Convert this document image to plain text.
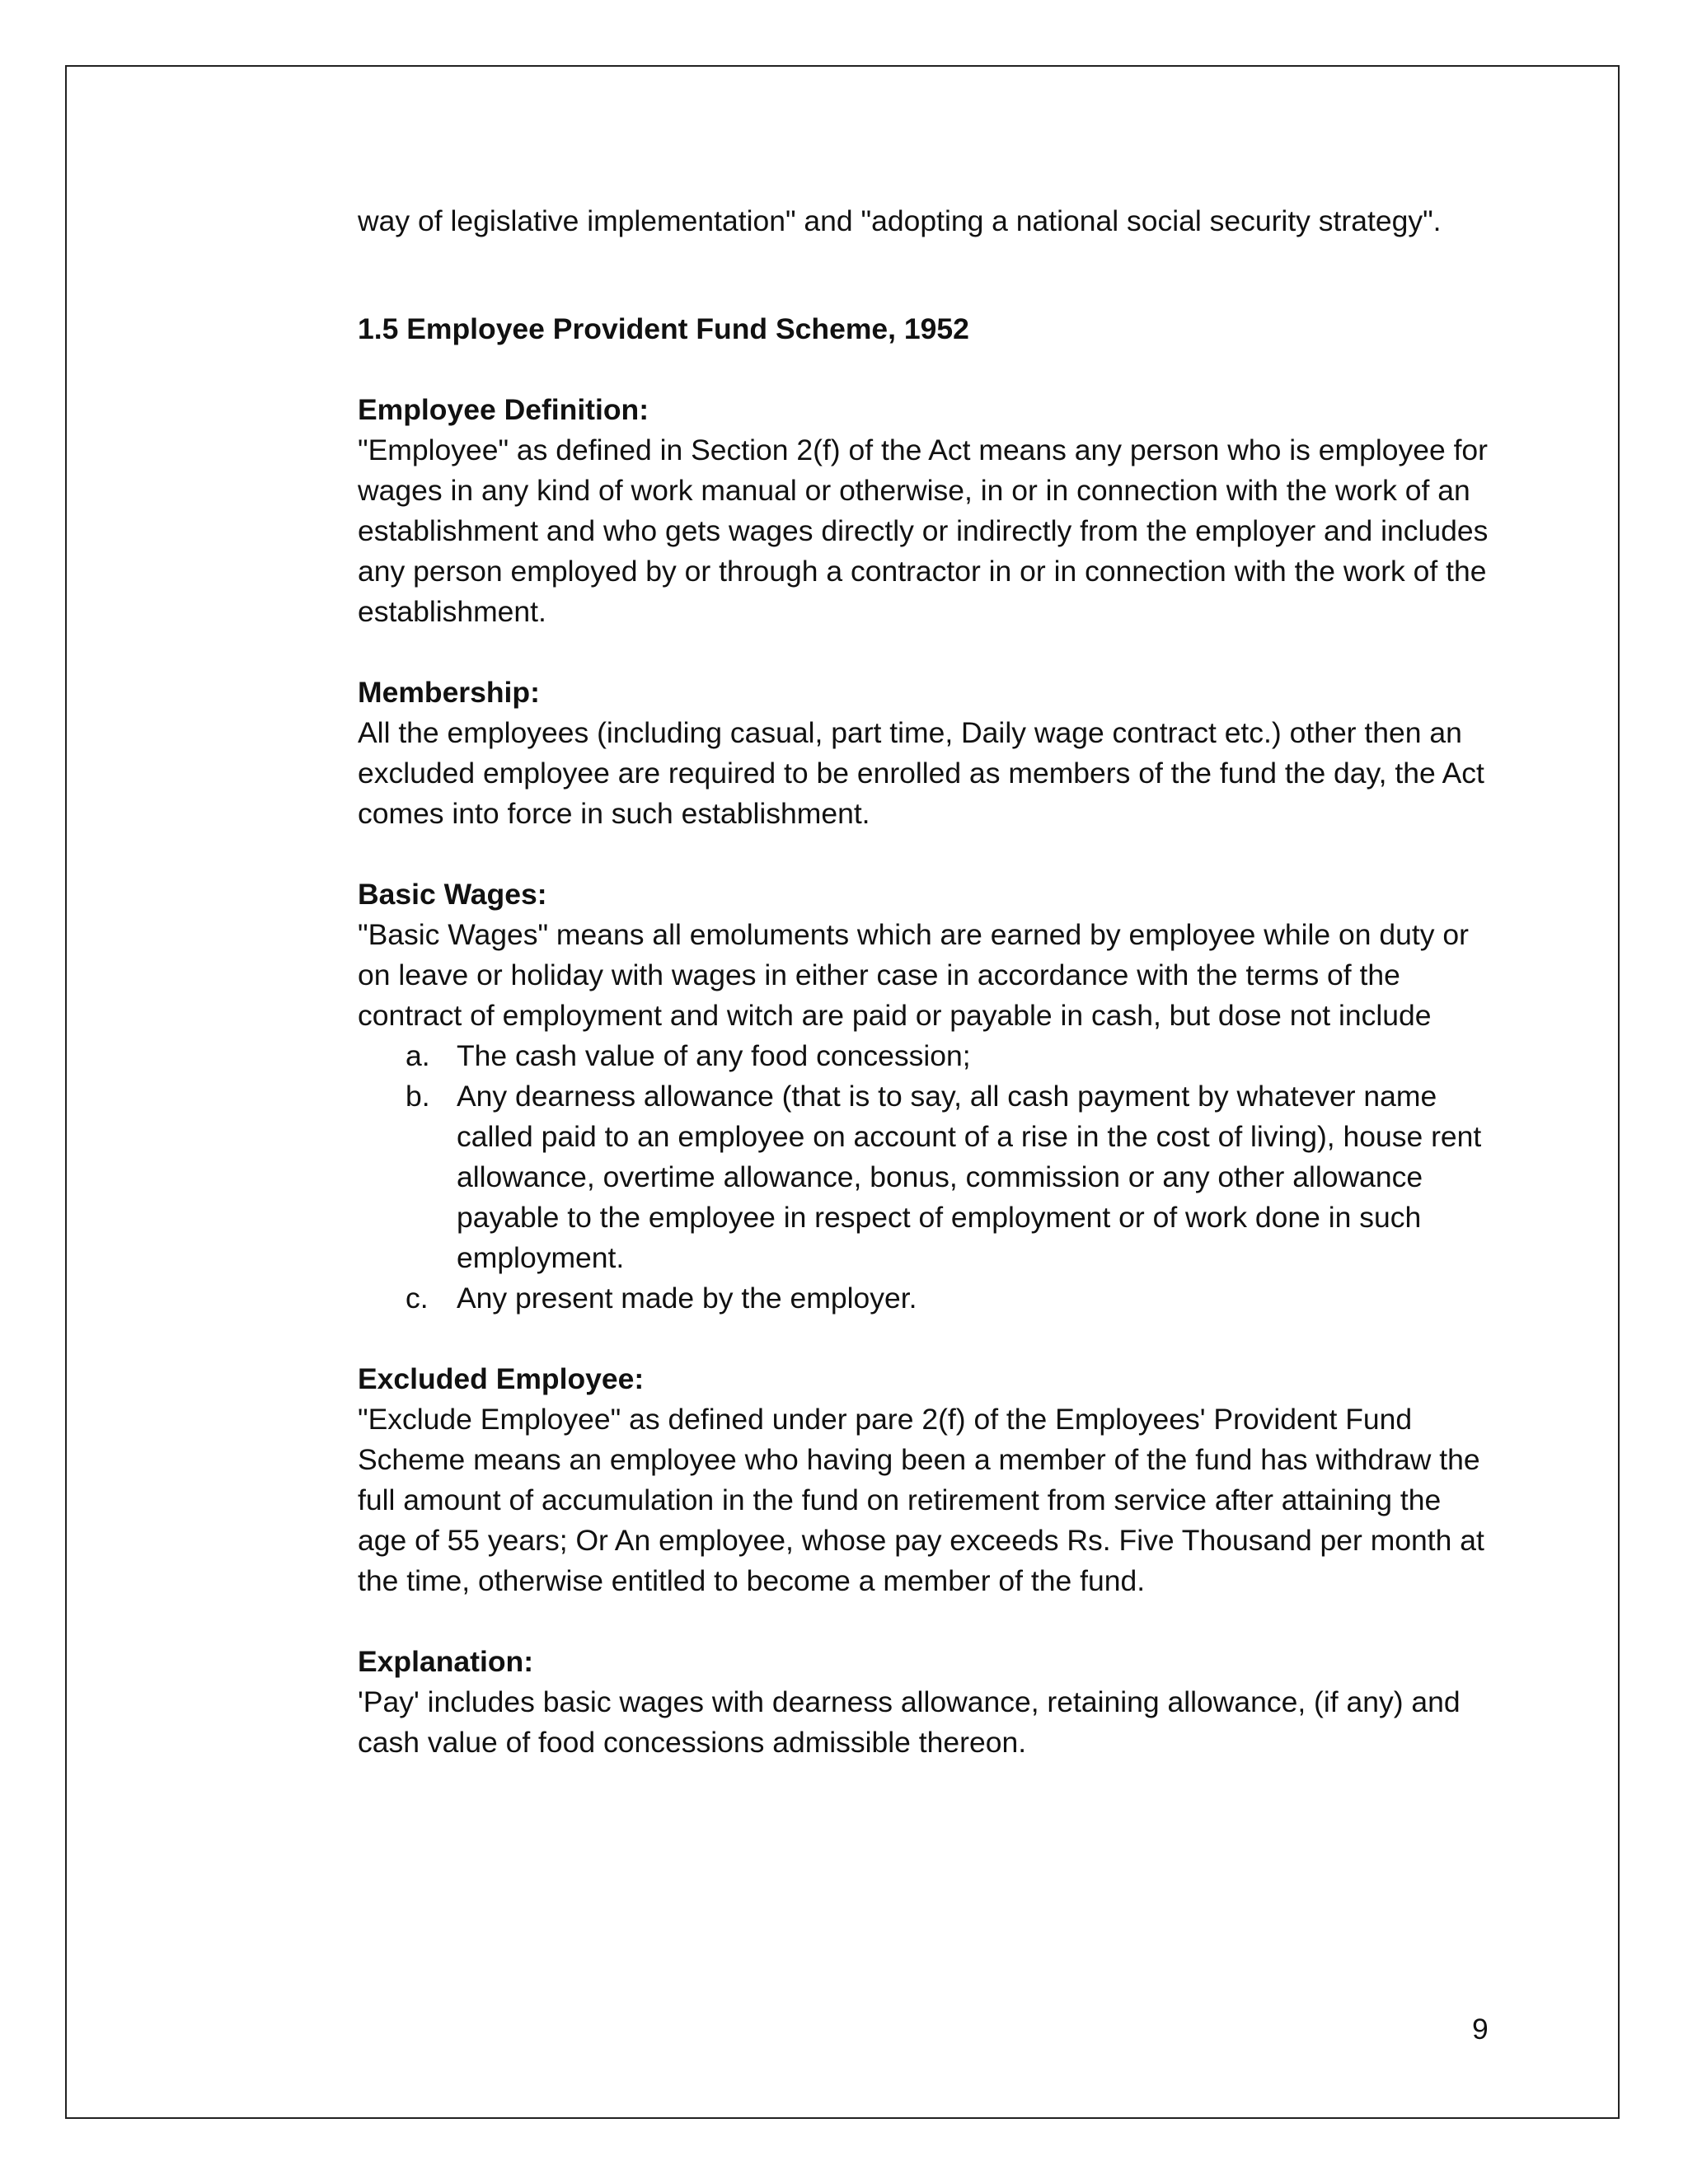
way of legislative implementation" and "adopting a national social security strategy".

1.5 Employee Provident Fund Scheme, 1952

Employee Definition:

"Employee" as defined in Section 2(f) of the Act means any person who is employee for wages in any kind of work manual or otherwise, in or in connection with the work of an establishment and who gets wages directly or indirectly from the employer and includes any person employed by or through a contractor in or in connection with the work of the establishment.

Membership:

All the employees (including casual, part time, Daily wage contract etc.) other then an excluded employee are required to be enrolled as members of the fund the day, the Act comes into force in such establishment.

Basic Wages:

"Basic Wages" means all emoluments which are earned by employee while on duty or on leave or holiday with wages in either case in accordance with the terms of the contract of employment and witch are paid or payable in cash, but dose not include

a. The cash value of any food concession;
b. Any dearness allowance (that is to say, all cash payment by whatever name called paid to an employee on account of a rise in the cost of living), house rent allowance, overtime allowance, bonus, commission or any other allowance payable to the employee in respect of employment or of work done in such employment.
c. Any present made by the employer.

Excluded Employee:

"Exclude Employee" as defined under pare 2(f) of the Employees' Provident Fund Scheme means an employee who having been a member of the fund has withdraw the full amount of accumulation in the fund on retirement from service after attaining the age of 55 years; Or An employee, whose pay exceeds Rs. Five Thousand per month at the time, otherwise entitled to become a member of the fund.

Explanation:

'Pay' includes basic wages with dearness allowance, retaining allowance, (if any) and cash value of food concessions admissible thereon.

9
